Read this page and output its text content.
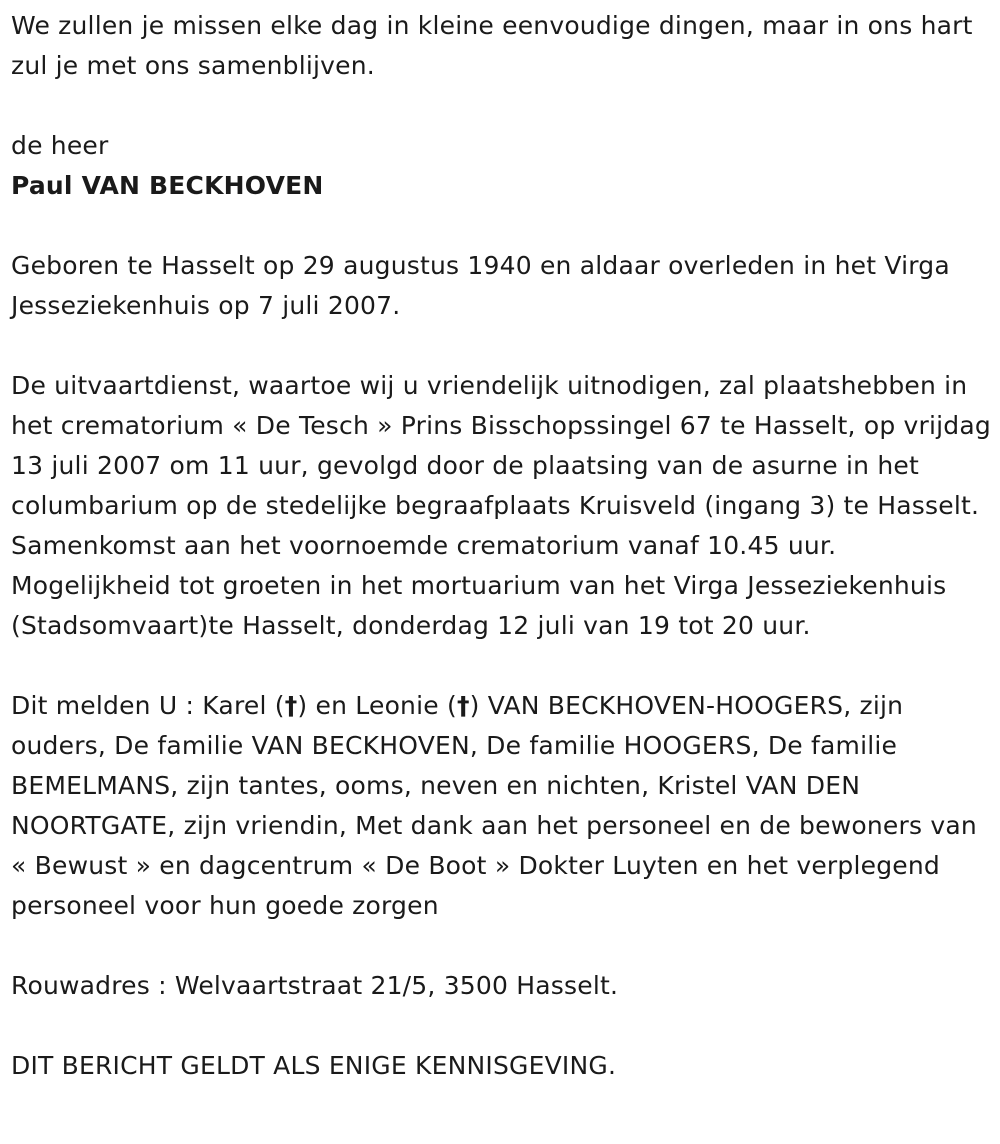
We zullen je missen elke dag in kleine eenvoudige dingen, maar in ons hart zul je met ons samenblijven.

de heer
Paul VAN BECKHOVEN

Geboren te Hasselt op 29 augustus 1940 en aldaar overleden in het Virga Jesseziekenhuis op 7 juli 2007.

De uitvaartdienst, waartoe wij u vriendelijk uitnodigen, zal plaatshebben in het crematorium « De Tesch » Prins Bisschopssingel 67 te Hasselt, op vrijdag 13 juli 2007 om 11 uur, gevolgd door de plaatsing van de asurne in het columbarium op de stedelijke begraafplaats Kruisveld (ingang 3) te Hasselt. Samenkomst aan het voornoemde crematorium vanaf 10.45 uur. Mogelijkheid tot groeten in het mortuarium van het Virga Jesseziekenhuis (Stadsomvaart)te Hasselt, donderdag 12 juli van 19 tot 20 uur.

Dit melden U : Karel (†) en Leonie (†) VAN BECKHOVEN-HOOGERS, zijn ouders, De familie VAN BECKHOVEN, De familie HOOGERS, De familie BEMELMANS, zijn tantes, ooms, neven en nichten, Kristel VAN DEN NOORTGATE, zijn vriendin, Met dank aan het personeel en de bewoners van « Bewust » en dagcentrum « De Boot » Dokter Luyten en het verplegend personeel voor hun goede zorgen

Rouwadres : Welvaartstraat 21/5, 3500 Hasselt.

DIT BERICHT GELDT ALS ENIGE KENNISGEVING.
